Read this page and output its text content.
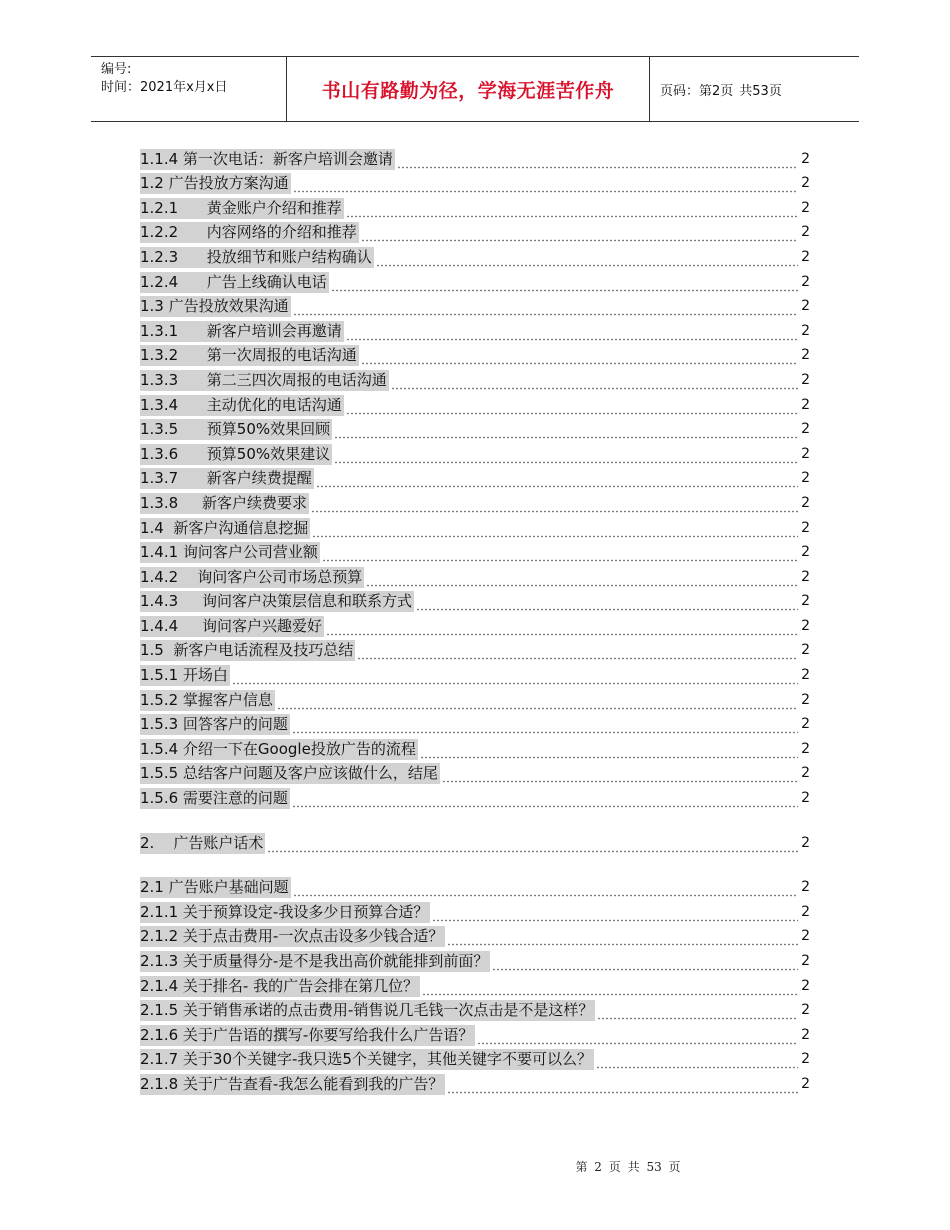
编号:
时间：2021年x月x日	书山有路勤为径，学海无涯苦作舟	页码：第2页 共53页
1.1.4 第一次电话：新客户培训会邀请	2
1.2 广告投放方案沟通	2
1.2.1      黄金账户介绍和推荐	2
1.2.2      内容网络的介绍和推荐	2
1.2.3      投放细节和账户结构确认	2
1.2.4      广告上线确认电话	2
1.3 广告投放效果沟通	2
1.3.1      新客户培训会再邀请	2
1.3.2      第一次周报的电话沟通	2
1.3.3      第二三四次周报的电话沟通	2
1.3.4      主动优化的电话沟通	2
1.3.5      预算50%效果回顾	2
1.3.6      预算50%效果建议	2
1.3.7      新客户续费提醒	2
1.3.8     新客户续费要求	2
1.4  新客户沟通信息挖掘	2
1.4.1 询问客户公司营业额	2
1.4.2    询问客户公司市场总预算	2
1.4.3     询问客户决策层信息和联系方式	2
1.4.4     询问客户兴趣爱好	2
1.5  新客户电话流程及技巧总结	2
1.5.1 开场白	2
1.5.2 掌握客户信息	2
1.5.3 回答客户的问题	2
1.5.4 介绍一下在Google投放广告的流程	2
1.5.5 总结客户问题及客户应该做什么，结尾	2
1.5.6 需要注意的问题	2
2.    广告账户话术	2
2.1 广告账户基础问题	2
2.1.1 关于预算设定-我设多少日预算合适？	2
2.1.2 关于点击费用-一次点击设多少钱合适？	2
2.1.3 关于质量得分-是不是我出高价就能排到前面？	2
2.1.4 关于排名- 我的广告会排在第几位？	2
2.1.5 关于销售承诺的点击费用-销售说几毛钱一次点击是不是这样？	2
2.1.6 关于广告语的撰写-你要写给我什么广告语？	2
2.1.7 关于30个关键字-我只选5个关键字，其他关键字不要可以么？	2
2.1.8 关于广告查看-我怎么能看到我的广告？	2
第 2 页 共 53 页
